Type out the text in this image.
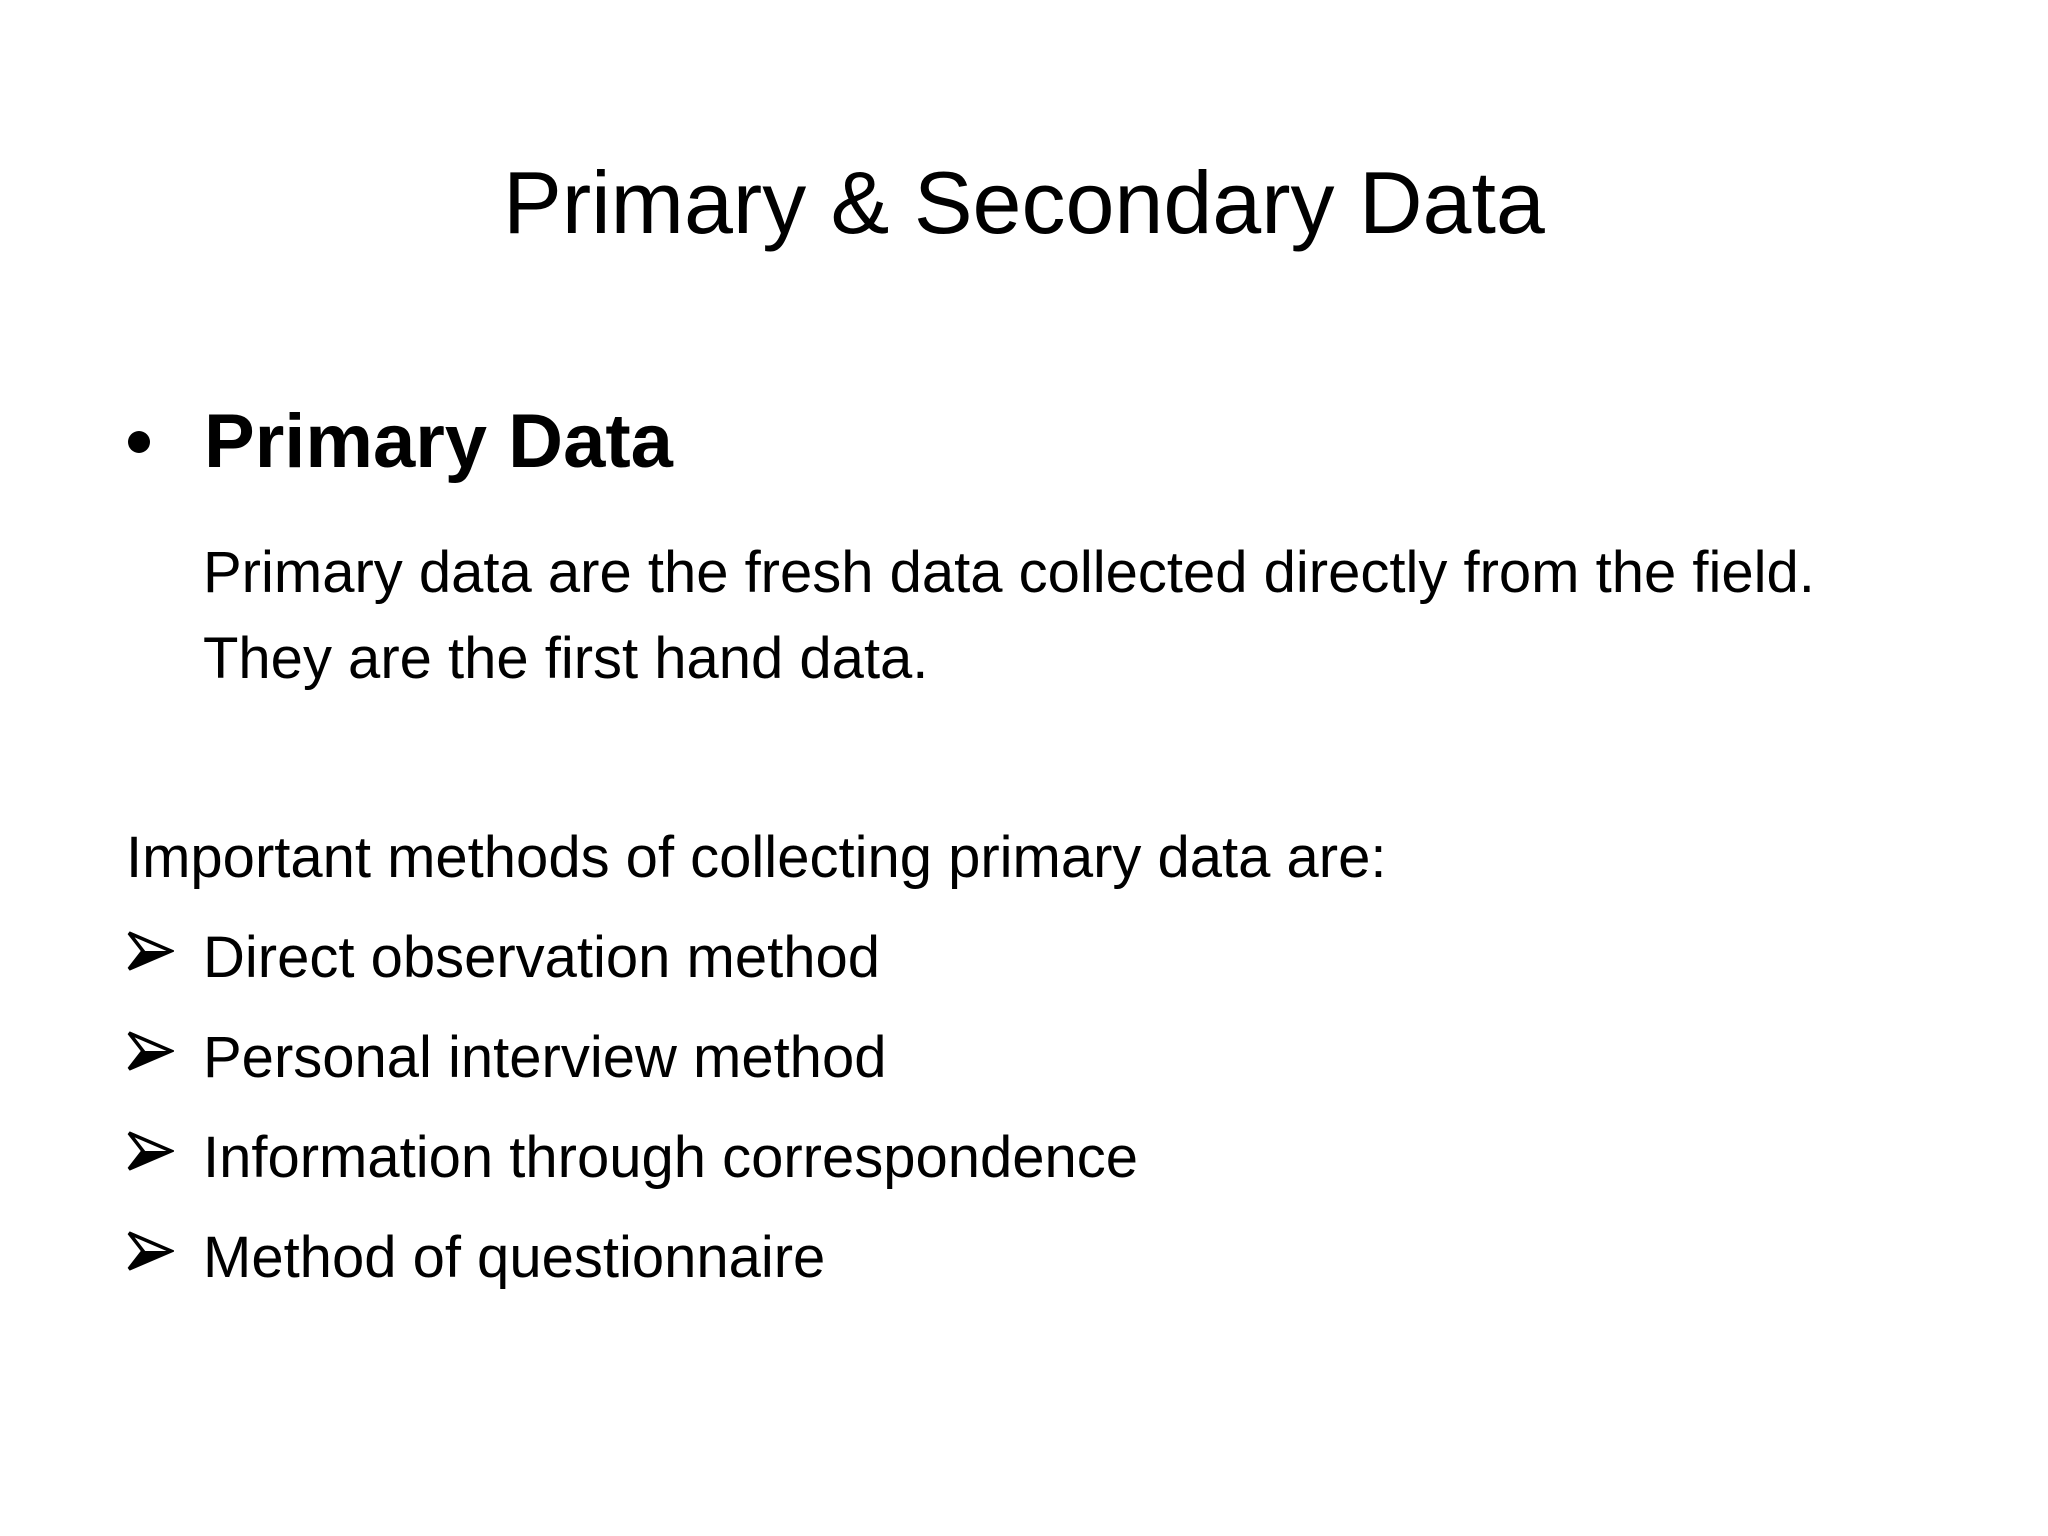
Primary & Secondary Data
Primary Data
Primary data are the fresh data collected directly from the field. They are the first hand data.
Important methods of collecting primary data are:
Direct observation method
Personal interview method
Information through correspondence
Method of questionnaire
